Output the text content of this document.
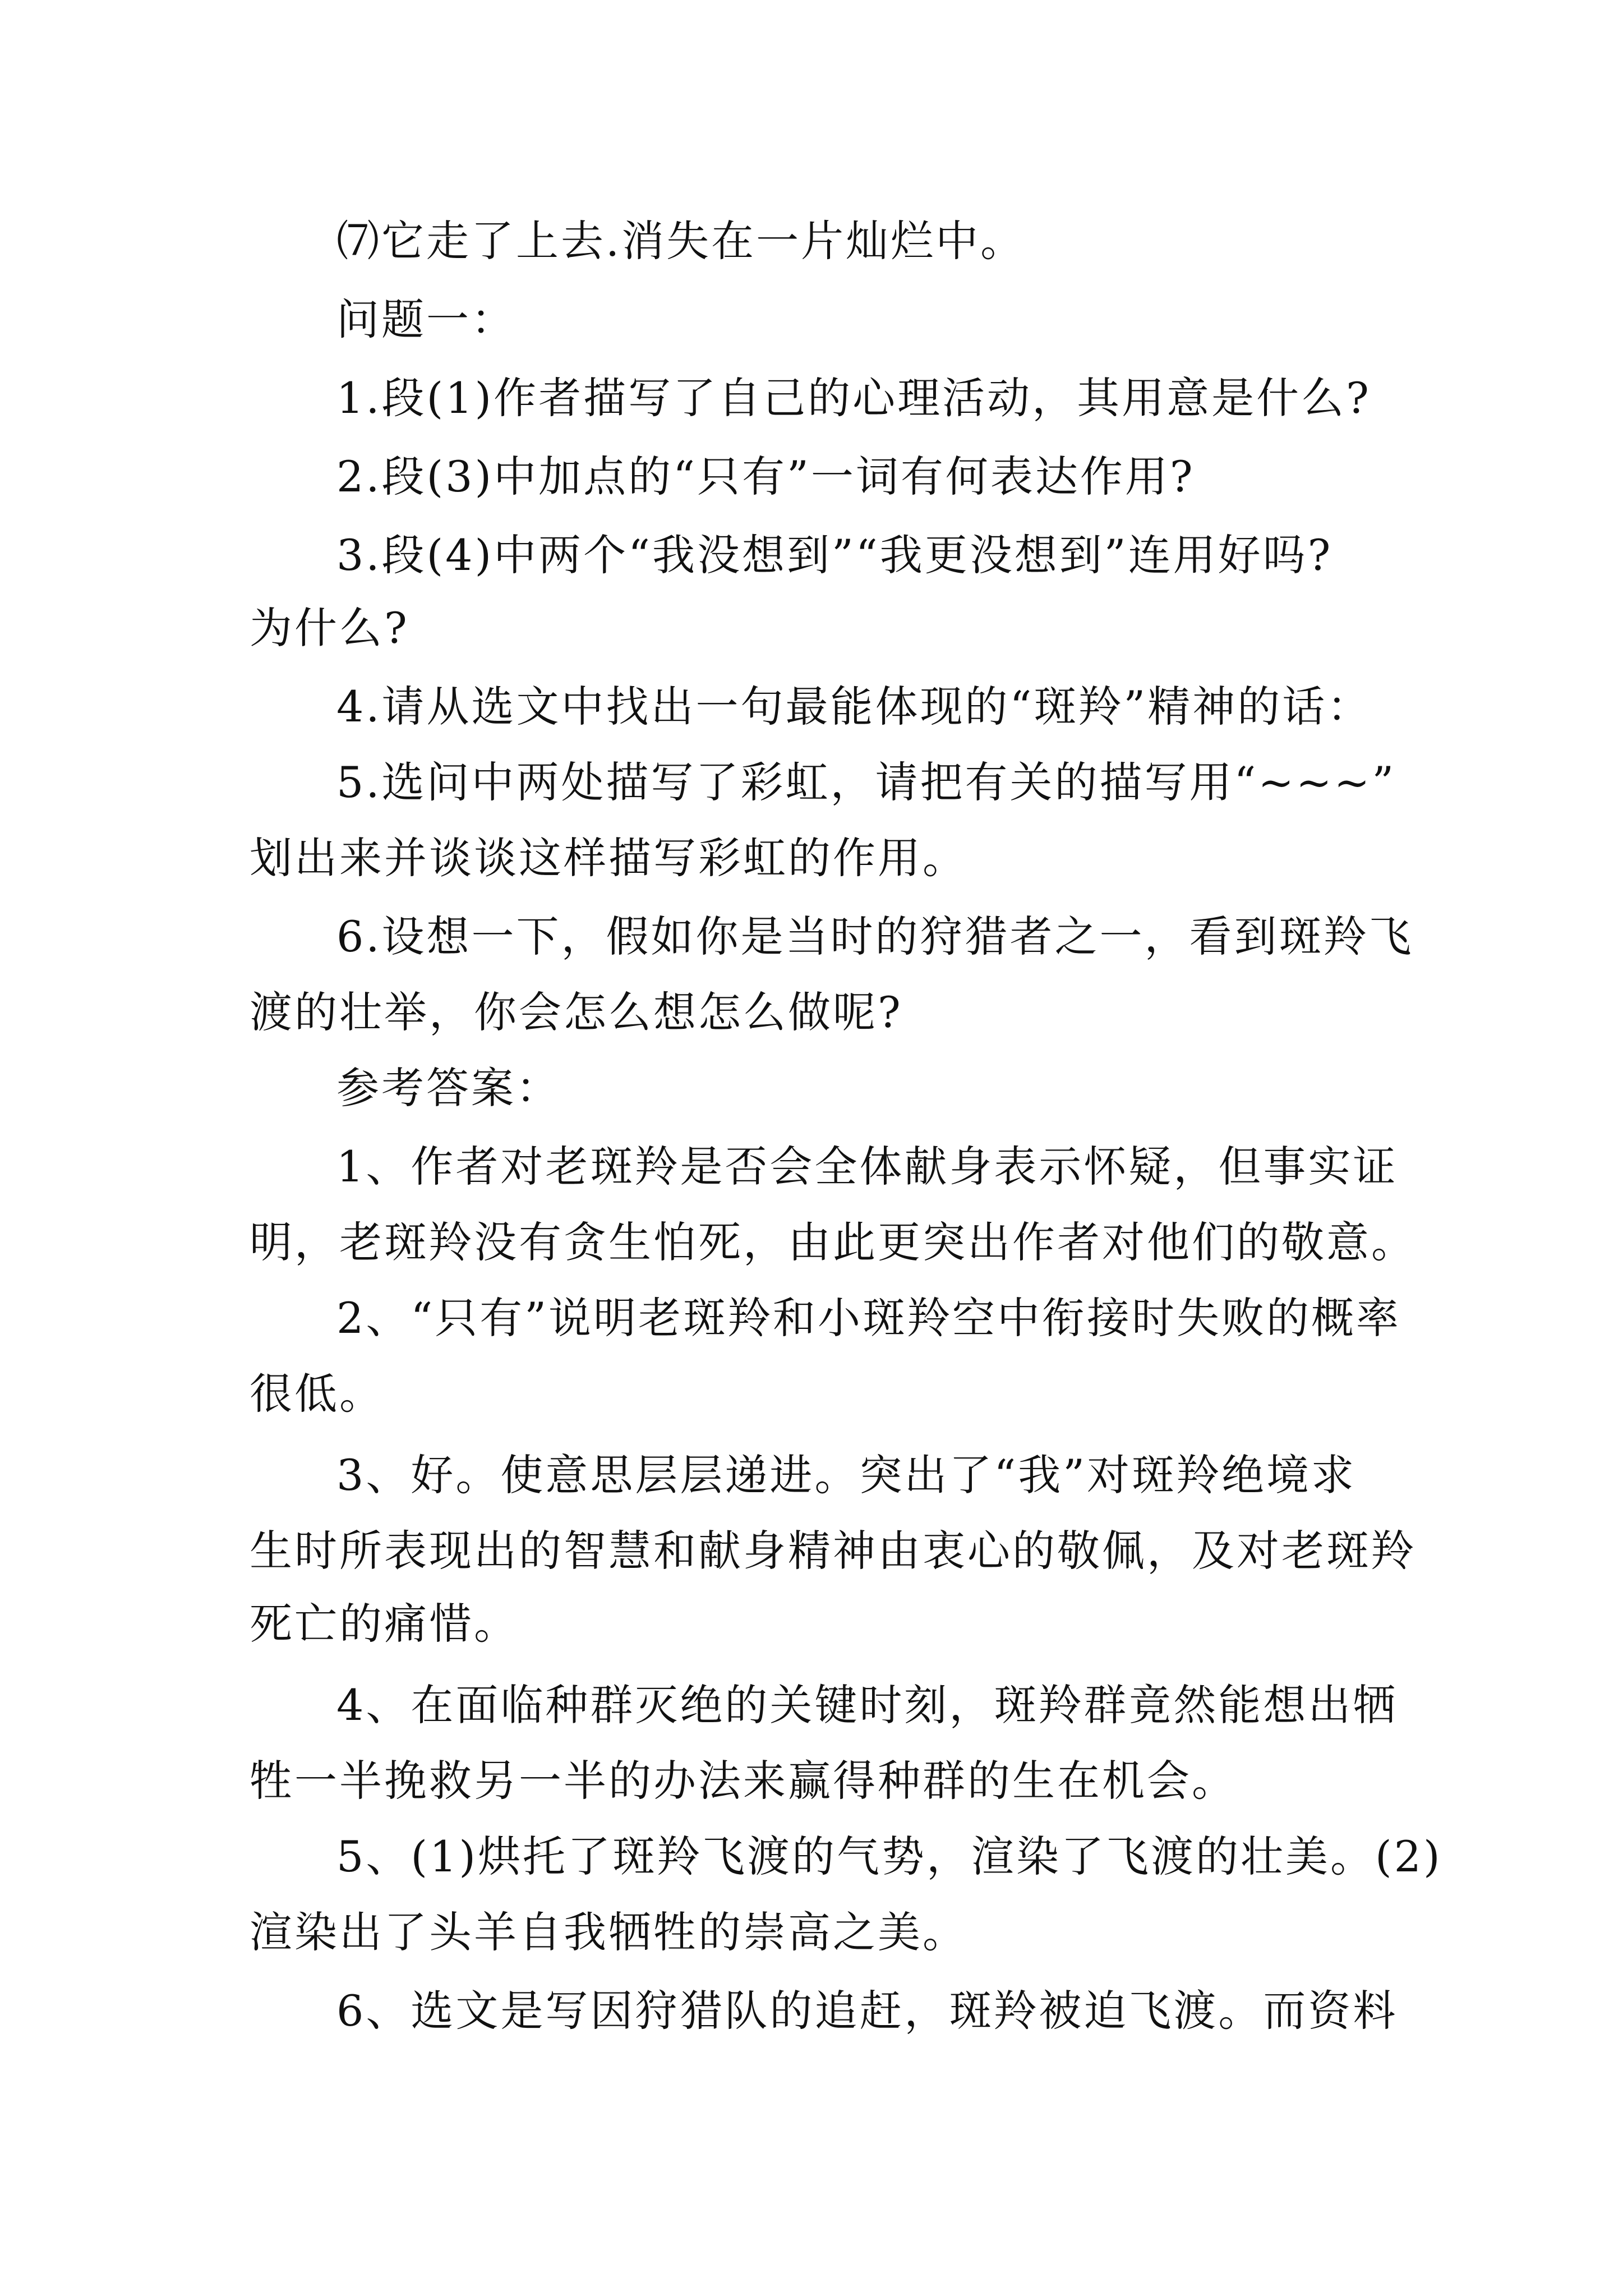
⑺它走了上去.消失在一片灿烂中。
问题一：
1.段(1)作者描写了自己的心理活动，其用意是什么?
2.段(3)中加点的“只有”一词有何表达作用?
3.段(4)中两个“我没想到”“我更没想到”连用好吗?
为什么?
4.请从选文中找出一句最能体现的“斑羚”精神的话：
5.选问中两处描写了彩虹，请把有关的描写用“~~~”
划出来并谈谈这样描写彩虹的作用。
6.设想一下，假如你是当时的狩猎者之一，看到斑羚飞
渡的壮举，你会怎么想怎么做呢?
参考答案：
1、作者对老斑羚是否会全体献身表示怀疑，但事实证
明，老斑羚没有贪生怕死，由此更突出作者对他们的敬意。
2、“只有”说明老斑羚和小斑羚空中衔接时失败的概率
很低。
3、好。使意思层层递进。突出了“我”对斑羚绝境求
生时所表现出的智慧和献身精神由衷心的敬佩，及对老斑羚
死亡的痛惜。
4、在面临种群灭绝的关键时刻，斑羚群竟然能想出牺
牲一半挽救另一半的办法来赢得种群的生在机会。
5、(1)烘托了斑羚飞渡的气势，渲染了飞渡的壮美。(2)
渲染出了头羊自我牺牲的崇高之美。
6、选文是写因狩猎队的追赶，斑羚被迫飞渡。而资料
